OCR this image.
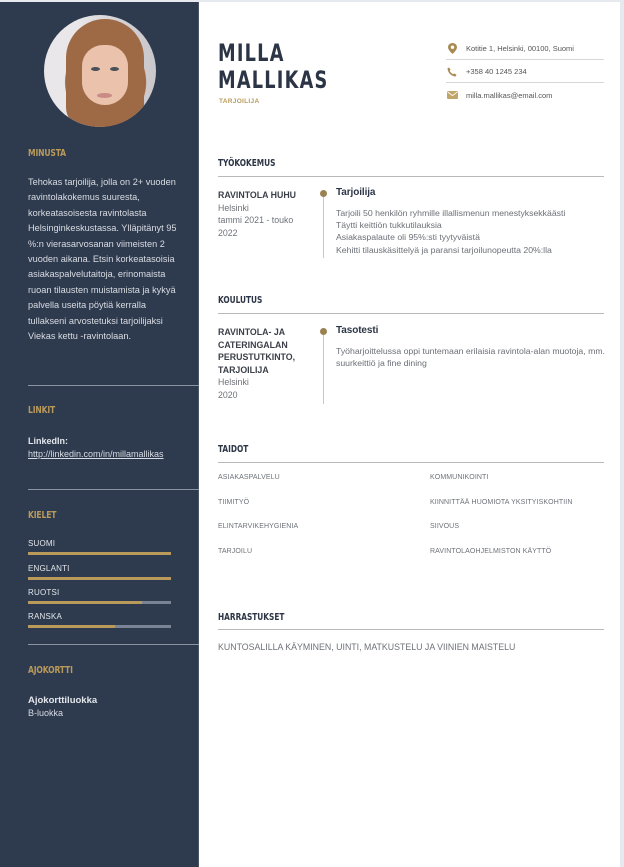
MINUSTA
Tehokas tarjoilija, jolla on 2+ vuoden ravintolakokemus suuresta, korkeatasoisesta ravintolasta Helsinginkeskustassa. Ylläpitänyt 95 %:n vierasarvosanan viimeisten 2 vuoden aikana. Etsin korkeatasoisia asiakaspalvelutaitoja, erinomaista ruoan tilausten muistamista ja kykyä palvella useita pöytiä kerralla tullakseni arvostetuksi tarjoilijaksi Viekas kettu -ravintolaan.
LINKIT
LinkedIn:
http://linkedin.com/in/millamallikas
KIELET
SUOMI
ENGLANTI
RUOTSI
RANSKA
AJOKORTTI
Ajokorttiluokka
B-luokka
MILLA
MALLIKAS
TARJOILIJA
Kotitie 1, Helsinki, 00100, Suomi
+358 40 1245 234
milla.mallikas@email.com
TYÖKOKEMUS
RAVINTOLA HUHU
Helsinki
tammi 2021 - touko 2022
Tarjoilija
Tarjoili 50 henkilön ryhmille illallismenun menestyksekkäästi
Täytti keittiön tukkutilauksia
Asiakaspalaute oli 95%:sti tyytyväistä
Kehitti tilauskäsittelyä ja paransi tarjoilunopeutta 20%:lla
KOULUTUS
RAVINTOLA- JA CATERINGALAN PERUSTUTKINTO, TARJOILIJA
Helsinki
2020
Tasotesti
Työharjoittelussa oppi tuntemaan erilaisia ravintola-alan muotoja, mm. suurkeittiö ja fine dining
TAIDOT
ASIAKASPALVELU
TIIMITYÖ
ELINTARVIKEHYGIENIA
TARJOILU
KOMMUNIKOINTI
KIINNITTÄÄ HUOMIOTA YKSITYISKOHTIIN
SIIVOUS
RAVINTOLAOHJELMISTON KÄYTTÖ
HARRASTUKSET
KUNTOSALILLA KÄYMINEN, UINTI, MATKUSTELU JA VIINIEN MAISTELU
